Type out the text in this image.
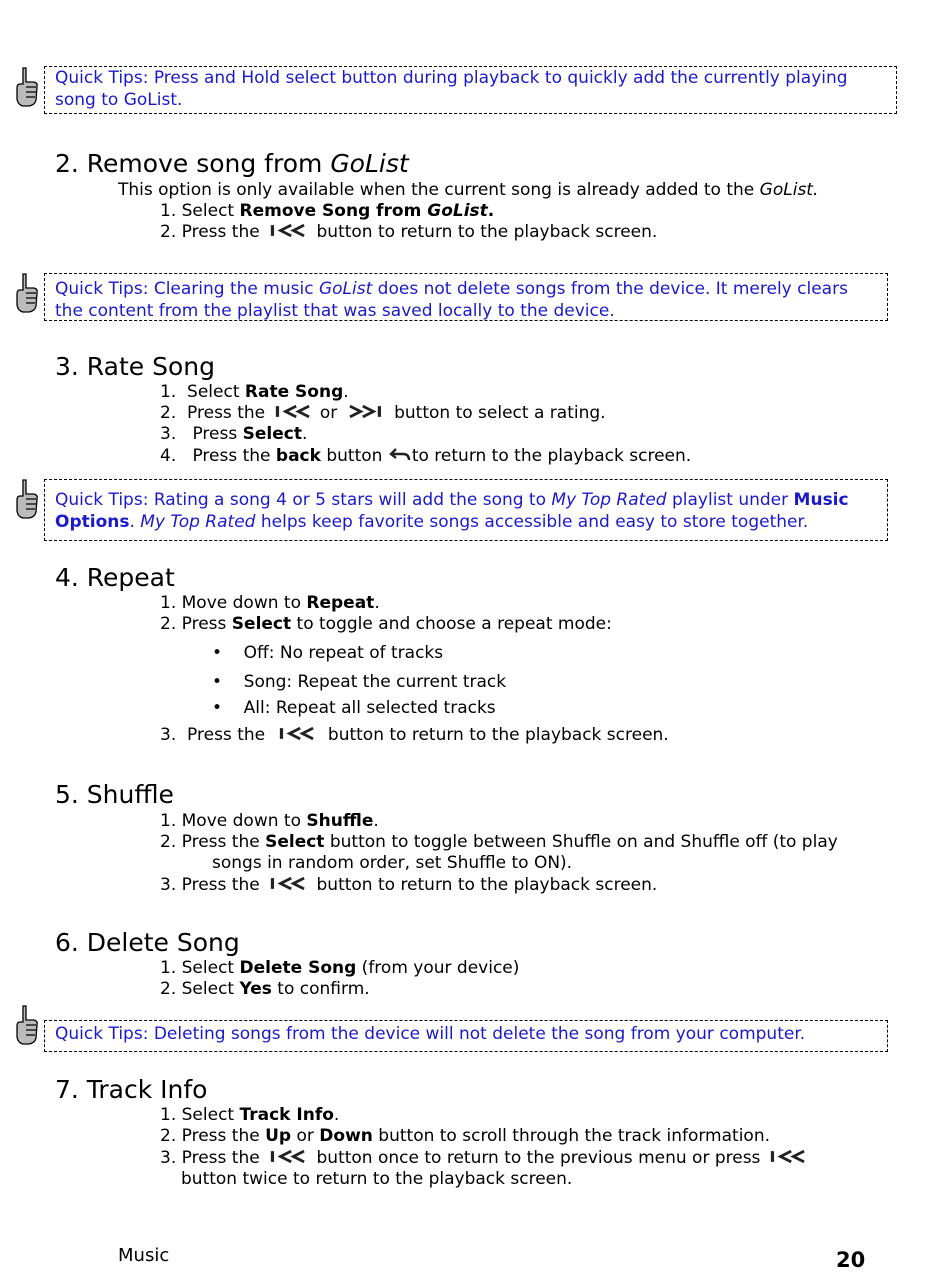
Quick Tips: Press and Hold select button during playback to quickly add the currently playing
song to GoList.
2. Remove song from GoList
This option is only available when the current song is already added to the GoList.
1. Select Remove Song from GoList.
2. Press the	button to return to the playback screen.
Quick Tips: Clearing the music GoList does not delete songs from the device. It merely clears
the content from the playlist that was saved locally to the device.
3. Rate Song
1. Select Rate Song.
2. Press the	or	button to select a rating.
3. Press Select.
4. Press the back button to return to the playback screen.
Quick Tips: Rating a song 4 or 5 stars will add the song to My Top Rated playlist under Music
Options. My Top Rated helps keep favorite songs accessible and easy to store together.
4. Repeat
1. Move down to Repeat.
2. Press Select to toggle and choose a repeat mode:
•    Off: No repeat of tracks
•    Song: Repeat the current track
•    All: Repeat all selected tracks
3. Press the	button to return to the playback screen.
5. Shuffle
1. Move down to Shuffle.
2. Press the Select button to toggle between Shuffle on and Shuffle off (to play
songs in random order, set Shuffle to ON).
3. Press the	button to return to the playback screen.
6. Delete Song
1. Select Delete Song (from your device)
2. Select Yes to confirm.
Quick Tips: Deleting songs from the device will not delete the song from your computer.
7. Track Info
1. Select Track Info.
2. Press the Up or Down button to scroll through the track information.
3. Press the	button once to return to the previous menu or press
button twice to return to the playback screen.
Music	20
